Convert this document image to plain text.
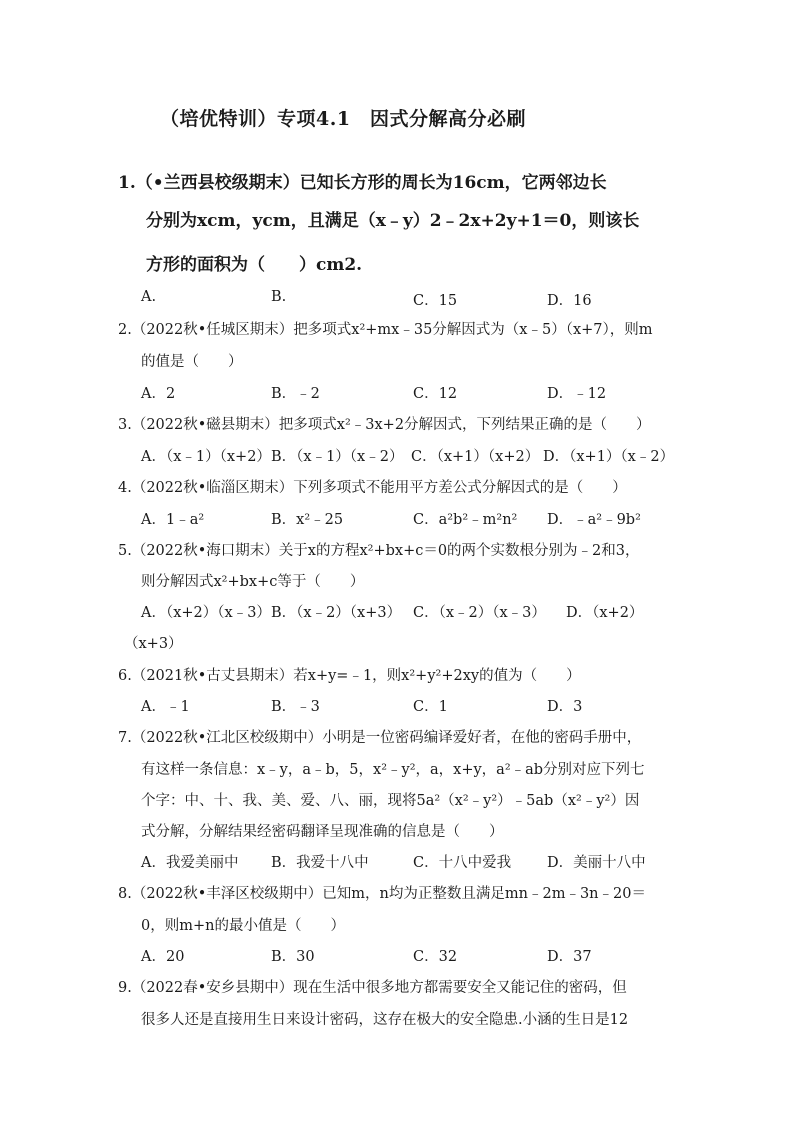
（培优特训）专项4.1　因式分解高分必刷
1.（•兰西县校级期末）已知长方形的周长为16cm，它两邻边长
分别为xcm，ycm，且满足（x﹣y）2﹣2x+2y+1＝0，则该长
方形的面积为（　　）cm2.
A.	B.	C．15	D．16
2.（2022秋•任城区期末）把多项式x²+mx﹣35分解因式为（x﹣5）（x+7），则m
的值是（　　）
A．2	B．﹣2	C．12	D．﹣12
3.（2022秋•磁县期末）把多项式x²﹣3x+2分解因式，下列结果正确的是（　　）
A．（x﹣1）（x+2） B．（x﹣1）（x﹣2） C．（x+1）（x+2） D．（x+1）（x﹣2）
4.（2022秋•临淄区期末）下列多项式不能用平方差公式分解因式的是（　　）
A．1﹣a²	B．x²﹣25	C．a²b²﹣m²n² D．﹣a²﹣9b²
5.（2022秋•海口期末）关于x的方程x²+bx+c＝0的两个实数根分别为﹣2和3，
则分解因式x²+bx+c等于（　　）
A．（x+2）（x﹣3） B．（x﹣2）（x+3） C．（x﹣2）（x﹣3） D．（x+2）
（x+3）
6.（2021秋•古丈县期末）若x+y=﹣1，则x²+y²+2xy的值为（　　）
A．﹣1	B．﹣3	C．1	D．3
7.（2022秋•江北区校级期中）小明是一位密码编译爱好者，在他的密码手册中，
有这样一条信息：x﹣y，a﹣b，5，x²﹣y²，a，x+y，a²﹣ab分别对应下列七
个字：中、十、我、美、爱、八、丽，现将5a²（x²﹣y²）﹣5ab（x²﹣y²）因
式分解，分解结果经密码翻译呈现准确的信息是（　　）
A．我爱美丽中 B．我爱十八中	C．十八中爱我 D．美丽十八中
8.（2022秋•丰泽区校级期中）已知m，n均为正整数且满足mn﹣2m﹣3n﹣20＝
0，则m+n的最小值是（　　）
A．20	B．30	C．32	D．37
9.（2022春•安乡县期中）现在生活中很多地方都需要安全又能记住的密码，但
很多人还是直接用生日来设计密码，这存在极大的安全隐患.小涵的生日是12
